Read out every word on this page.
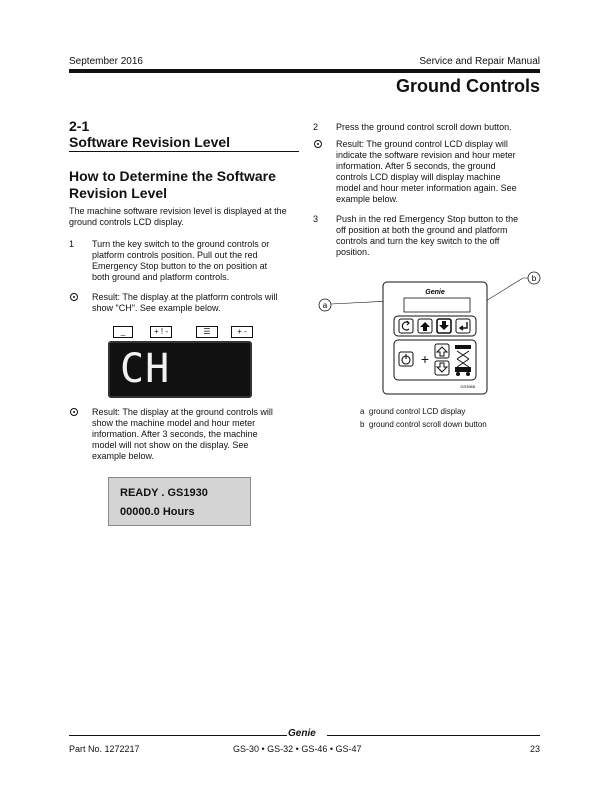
September 2016	Service and Repair Manual
Ground Controls
2-1
Software Revision Level
How to Determine the Software Revision Level
The machine software revision level is displayed at the ground controls LCD display.
1 Turn the key switch to the ground controls or
platform controls position. Pull out the red
Emergency Stop button to the on position at
both ground and platform controls.
Result: The display at the platform controls will
show "CH". See example below.
_	+ ! -	☰	+ -
CH
Result: The display at the ground controls will
show the machine model and hour meter
information. After 3 seconds, the machine
model will not show on the display. See
example below.
READY . GS1930
00000.0 Hours
2 Press the ground control scroll down button.
Result: The ground control LCD display will
indicate the software revision and hour meter
information. After 5 seconds, the ground
controls LCD display will display machine
model and hour meter information again. See
example below.
3 Push in the red Emergency Stop button to the
off position at both the ground and platform
controls and turn the key switch to the off
position.
b
a
Genie
+
GS3968
a ground control LCD display
b ground control scroll down button
Genie
Part No. 1272217	GS-30 • GS-32 • GS-46 • GS-47	23
